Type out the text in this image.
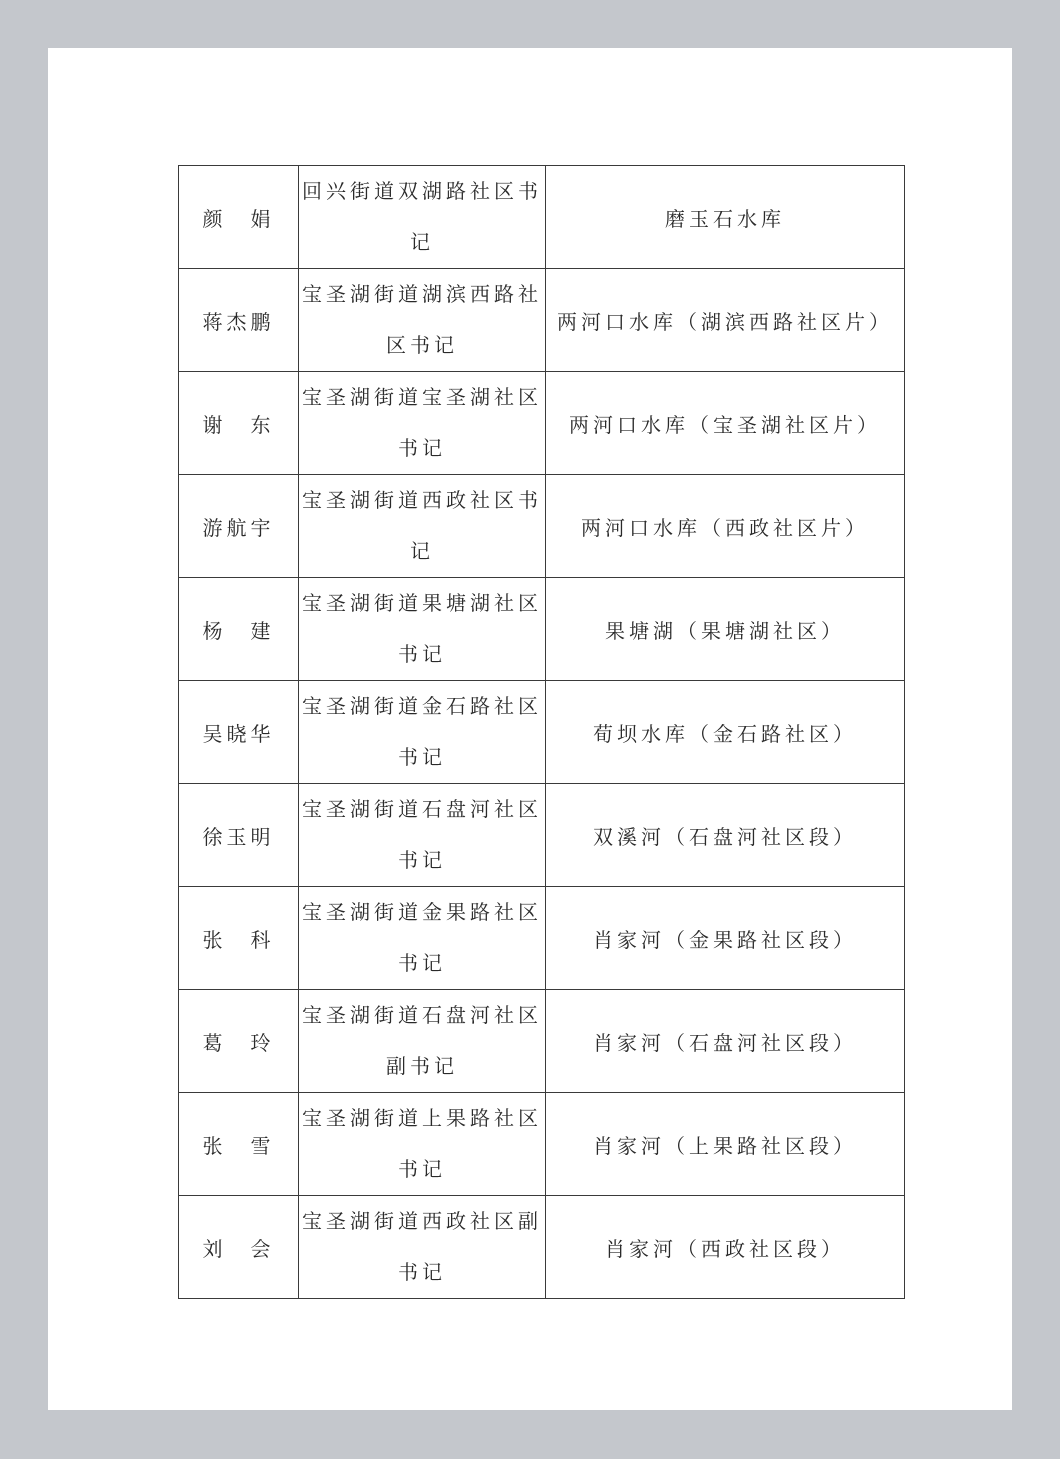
颜　娟	回兴街道双湖路社区书记	磨玉石水库
蒋杰鹏	宝圣湖街道湖滨西路社区书记	两河口水库（湖滨西路社区片）
谢　东	宝圣湖街道宝圣湖社区书记	两河口水库（宝圣湖社区片）
游航宇	宝圣湖街道西政社区书记	两河口水库（西政社区片）
杨　建	宝圣湖街道果塘湖社区书记	果塘湖（果塘湖社区）
吴晓华	宝圣湖街道金石路社区书记	荀坝水库（金石路社区）
徐玉明	宝圣湖街道石盘河社区书记	双溪河（石盘河社区段）
张　科	宝圣湖街道金果路社区书记	肖家河（金果路社区段）
葛　玲	宝圣湖街道石盘河社区副书记	肖家河（石盘河社区段）
张　雪	宝圣湖街道上果路社区书记	肖家河（上果路社区段）
刘　会	宝圣湖街道西政社区副书记	肖家河（西政社区段）
